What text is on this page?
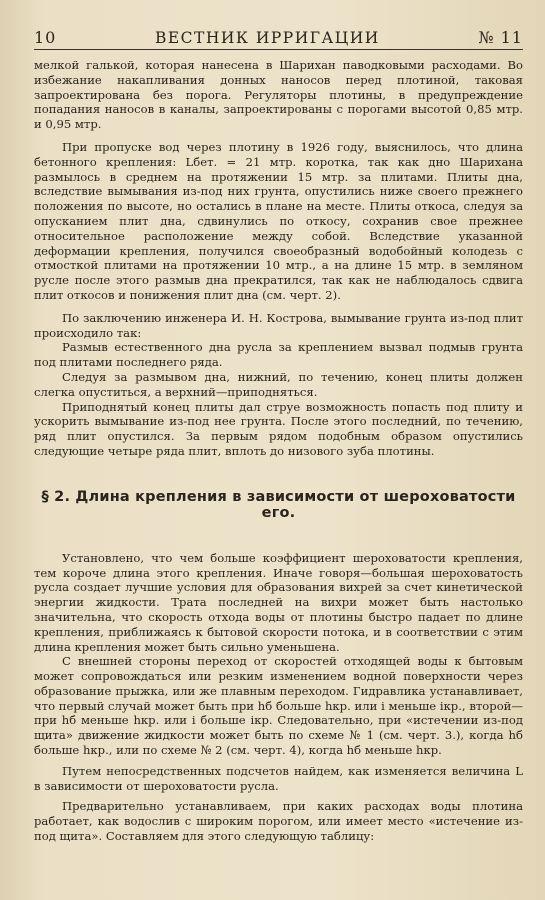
10	ВЕСТНИК ИРРИГАЦИИ	№ 11

мелкой галькой, которая нанесена в Шарихан паводковыми расходами. Во избежание накапливания донных наносов перед плотиной, таковая запроектирована без порога. Регуляторы плотины, в предупреждение попадания наносов в каналы, запроектированы с порогами высотой 0,85 мтр. и 0,95 мтр.

При пропуске вод через плотину в 1926 году, выяснилось, что длина бетонного крепления: Lбет. = 21 мтр. коротка, так как дно Шарихана размылось в среднем на протяжении 15 мтр. за плитами. Плиты дна, вследствие вымывания из-под них грунта, опустились ниже своего прежнего положения по высоте, но остались в плане на месте. Плиты откоса, следуя за опусканием плит дна, сдвинулись по откосу, сохранив свое прежнее относительное расположение между собой. Вследствие указанной деформации крепления, получился своеобразный водобойный колодезь с отмосткой плитами на протяжении 10 мтр., а на длине 15 мтр. в земляном русле после этого размыв дна прекратился, так как не наблюдалось сдвига плит откосов и понижения плит дна (см. черт. 2).

По заключению инженера И. Н. Кострова, вымывание грунта из-под плит происходило так:

Размыв естественного дна русла за креплением вызвал подмыв грунта под плитами последнего ряда.

Следуя за размывом дна, нижний, по течению, конец плиты должен слегка опуститься, а верхний—приподняться.

Приподнятый конец плиты дал струе возможность попасть под плиту и ускорить вымывание из-под нее грунта. После этого последний, по течению, ряд плит опустился. За первым рядом подобным образом опустились следующие четыре ряда плит, вплоть до низового зуба плотины.

§ 2. Длина крепления в зависимости от шероховатости его.

Установлено, что чем больше коэффициент шероховатости крепления, тем короче длина этого крепления. Иначе говоря—большая шероховатость русла создает лучшие условия для образования вихрей за счет кинетической энергии жидкости. Трата последней на вихри может быть настолько значительна, что скорость отхода воды от плотины быстро падает по длине крепления, приближаясь к бытовой скорости потока, и в соответствии с этим длина крепления может быть сильно уменьшена.

С внешней стороны переход от скоростей отходящей воды к бытовым может сопровождаться или резким изменением водной поверхности через образование прыжка, или же плавным переходом. Гидравлика устанавливает, что первый случай может быть при hб больше hкр. или i меньше iкр., второй—при hб меньше hкр. или i больше iкр. Следовательно, при «истечении из-под щита» движение жидкости может быть по схеме № 1 (см. черт. 3.), когда hб больше hкр., или по схеме № 2 (см. черт. 4), когда hб меньше hкр.

Путем непосредственных подсчетов найдем, как изменяется величина L в зависимости от шероховатости русла.

Предварительно устанавливаем, при каких расходах воды плотина работает, как водослив с широким порогом, или имеет место «истечение из-под щита». Составляем для этого следующую таблицу:
